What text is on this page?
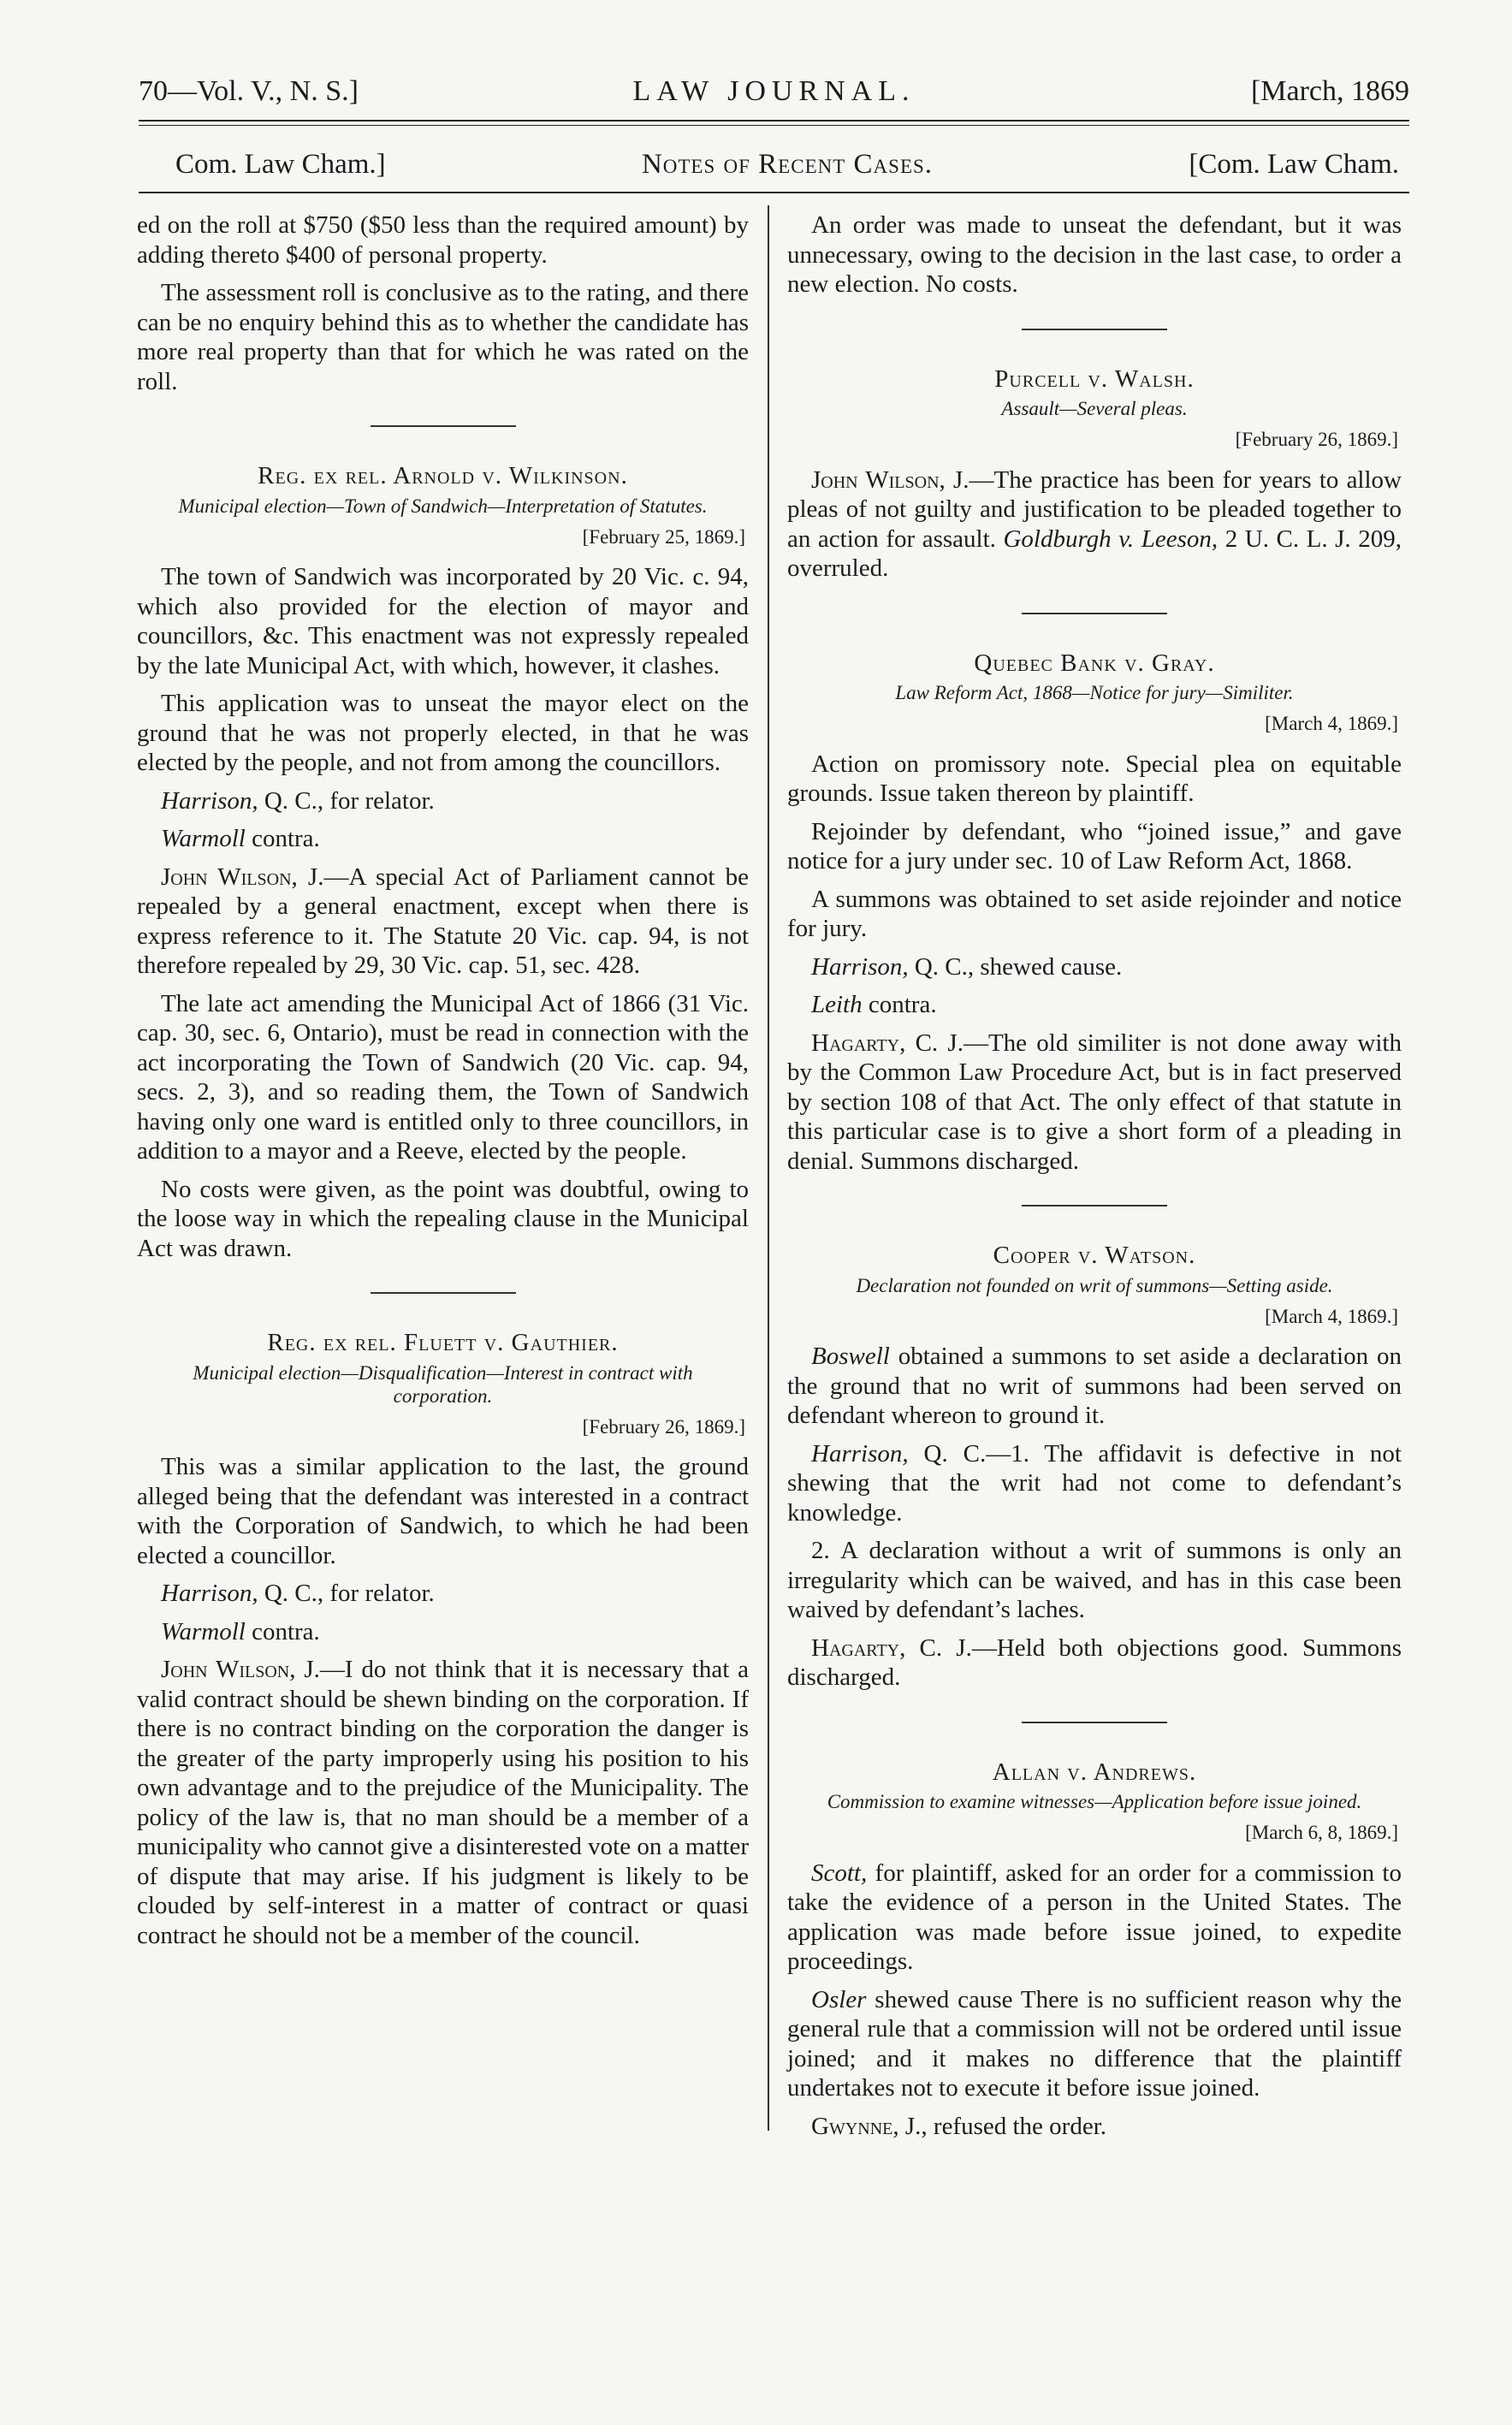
70—Vol. V., N. S.]	LAW JOURNAL.	[March, 1869
Com. Law Cham.]	Notes of Recent Cases.	[Com. Law Cham.

ed on the roll at $750 ($50 less than the required amount) by adding thereto $400 of personal property.

The assessment roll is conclusive as to the rating, and there can be no enquiry behind this as to whether the candidate has more real property than that for which he was rated on the roll.

Reg. ex rel. Arnold v. Wilkinson.
Municipal election—Town of Sandwich—Interpretation of Statutes.
[February 25, 1869.]

The town of Sandwich was incorporated by 20 Vic. c. 94, which also provided for the election of mayor and councillors, &c. This enactment was not expressly repealed by the late Municipal Act, with which, however, it clashes.

This application was to unseat the mayor elect on the ground that he was not properly elected, in that he was elected by the people, and not from among the councillors.

Harrison, Q. C., for relator.
Warmoll contra.

John Wilson, J.—A special Act of Parliament cannot be repealed by a general enactment, except when there is express reference to it. The Statute 20 Vic. cap. 94, is not therefore repealed by 29, 30 Vic. cap. 51, sec. 428.

The late act amending the Municipal Act of 1866 (31 Vic. cap. 30, sec. 6, Ontario), must be read in connection with the act incorporating the Town of Sandwich (20 Vic. cap. 94, secs. 2, 3), and so reading them, the Town of Sandwich having only one ward is entitled only to three councillors, in addition to a mayor and a Reeve, elected by the people.

No costs were given, as the point was doubtful, owing to the loose way in which the repealing clause in the Municipal Act was drawn.

Reg. ex rel. Fluett v. Gauthier.
Municipal election—Disqualification—Interest in contract with corporation.
[February 26, 1869.]

This was a similar application to the last, the ground alleged being that the defendant was interested in a contract with the Corporation of Sandwich, to which he had been elected a councillor.

Harrison, Q. C., for relator.
Warmoll contra.

John Wilson, J.—I do not think that it is necessary that a valid contract should be shewn binding on the corporation. If there is no contract binding on the corporation the danger is the greater of the party improperly using his position to his own advantage and to the prejudice of the Municipality. The policy of the law is, that no man should be a member of a municipality who cannot give a disinterested vote on a matter of dispute that may arise. If his judgment is likely to be clouded by self-interest in a matter of contract or quasi contract he should not be a member of the council.

An order was made to unseat the defendant, but it was unnecessary, owing to the decision in the last case, to order a new election. No costs.

Purcell v. Walsh.
Assault—Several pleas.
[February 26, 1869.]

John Wilson, J.—The practice has been for years to allow pleas of not guilty and justification to be pleaded together to an action for assault. Goldburgh v. Leeson, 2 U. C. L. J. 209, overruled.

Quebec Bank v. Gray.
Law Reform Act, 1868—Notice for jury—Similiter.
[March 4, 1869.]

Action on promissory note. Special plea on equitable grounds. Issue taken thereon by plaintiff.

Rejoinder by defendant, who “joined issue,” and gave notice for a jury under sec. 10 of Law Reform Act, 1868.

A summons was obtained to set aside rejoinder and notice for jury.

Harrison, Q. C., shewed cause.
Leith contra.

Hagarty, C. J.—The old similiter is not done away with by the Common Law Procedure Act, but is in fact preserved by section 108 of that Act. The only effect of that statute in this particular case is to give a short form of a pleading in denial. Summons discharged.

Cooper v. Watson.
Declaration not founded on writ of summons—Setting aside.
[March 4, 1869.]

Boswell obtained a summons to set aside a declaration on the ground that no writ of summons had been served on defendant whereon to ground it.

Harrison, Q. C.—1. The affidavit is defective in not shewing that the writ had not come to defendant’s knowledge.

2. A declaration without a writ of summons is only an irregularity which can be waived, and has in this case been waived by defendant’s laches.

Hagarty, C. J.—Held both objections good. Summons discharged.

Allan v. Andrews.
Commission to examine witnesses—Application before issue joined.
[March 6, 8, 1869.]

Scott, for plaintiff, asked for an order for a commission to take the evidence of a person in the United States. The application was made before issue joined, to expedite proceedings.

Osler shewed cause There is no sufficient reason why the general rule that a commission will not be ordered until issue joined; and it makes no difference that the plaintiff undertakes not to execute it before issue joined.

Gwynne, J., refused the order.
